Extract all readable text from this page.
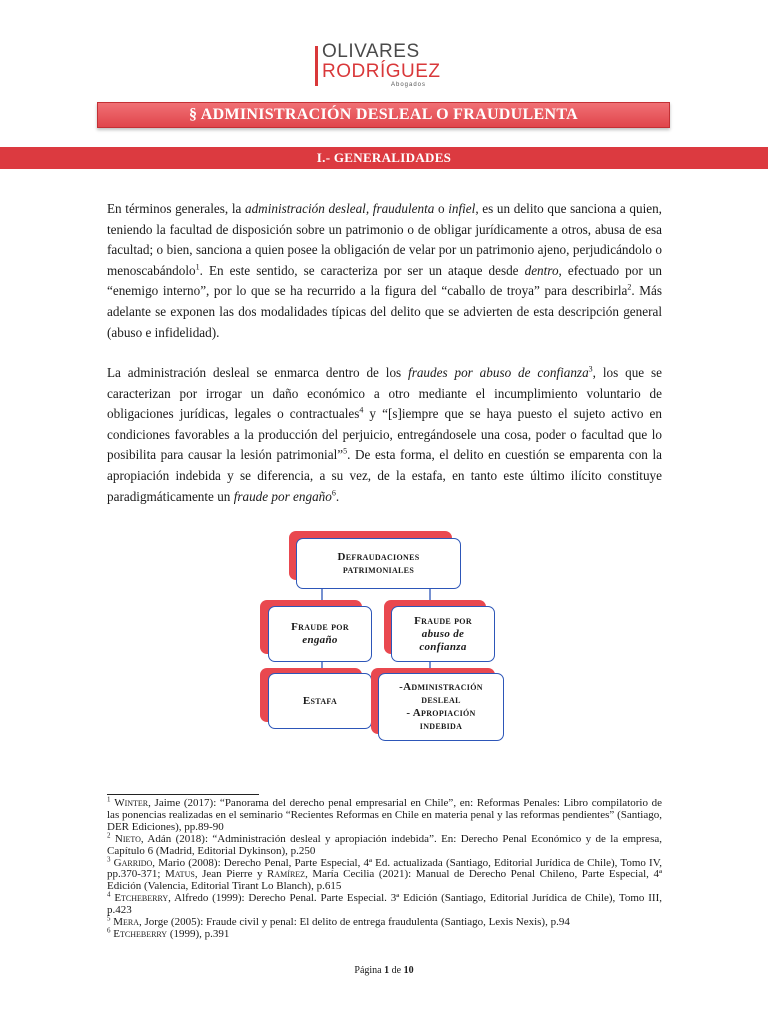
OLIVARES
RODRÍGUEZ
Abogados
§ ADMINISTRACIÓN DESLEAL O FRAUDULENTA
I.- GENERALIDADES

En términos generales, la administración desleal, fraudulenta o infiel, es un delito que sanciona a quien, teniendo la facultad de disposición sobre un patrimonio o de obligar jurídicamente a otros, abusa de esa facultad; o bien, sanciona a quien posee la obligación de velar por un patrimonio ajeno, perjudicándolo o menoscabándolo$^1$. En este sentido, se caracteriza por ser un ataque desde dentro, efectuado por un “enemigo interno”, por lo que se ha recurrido a la figura del “caballo de troya” para describirla$^2$. Más adelante se exponen las dos modalidades típicas del delito que se advierten de esta descripción general (abuso e infidelidad).

La administración desleal se enmarca dentro de los fraudes por abuso de confianza$^3$, los que se caracterizan por irrogar un daño económico a otro mediante el incumplimiento voluntario de obligaciones jurídicas, legales o contractuales$^4$ y “[s]iempre que se haya puesto el sujeto activo en condiciones favorables a la producción del perjuicio, entregándosele una cosa, poder o facultad que lo posibilita para causar la lesión patrimonial”$^5$. De esta forma, el delito en cuestión se emparenta con la apropiación indebida y se diferencia, a su vez, de la estafa, en tanto este último ilícito constituye paradigmáticamente un fraude por engaño$^6$.

Defraudaciones
patrimoniales
Fraude por
engaño
Fraude por
abuso de
confianza
Estafa
-Administración
desleal
- Apropiación
indebida

$^1$ Winter, Jaime (2017): “Panorama del derecho penal empresarial en Chile”, en: Reformas Penales: Libro compilatorio de las ponencias realizadas en el seminario “Recientes Reformas en Chile en materia penal y las reformas pendientes” (Santiago, DER Ediciones), pp.89-90

$^2$ Nieto, Adán (2018): “Administración desleal y apropiación indebida”. En: Derecho Penal Económico y de la empresa, Capítulo 6 (Madrid, Editorial Dykinson), p.250

$^3$ Garrido, Mario (2008): Derecho Penal, Parte Especial, 4ª Ed. actualizada (Santiago, Editorial Jurídica de Chile), Tomo IV, pp.370-371; Matus, Jean Pierre y Ramírez, María Cecilia (2021): Manual de Derecho Penal Chileno, Parte Especial, 4ª Edición (Valencia, Editorial Tirant Lo Blanch), p.615

$^4$ Etcheberry, Alfredo (1999): Derecho Penal. Parte Especial. 3ª Edición (Santiago, Editorial Jurídica de Chile), Tomo III, p.423

$^5$ Mera, Jorge (2005): Fraude civil y penal: El delito de entrega fraudulenta (Santiago, Lexis Nexis), p.94

$^6$ Etcheberry (1999), p.391

Página 1 de 10
